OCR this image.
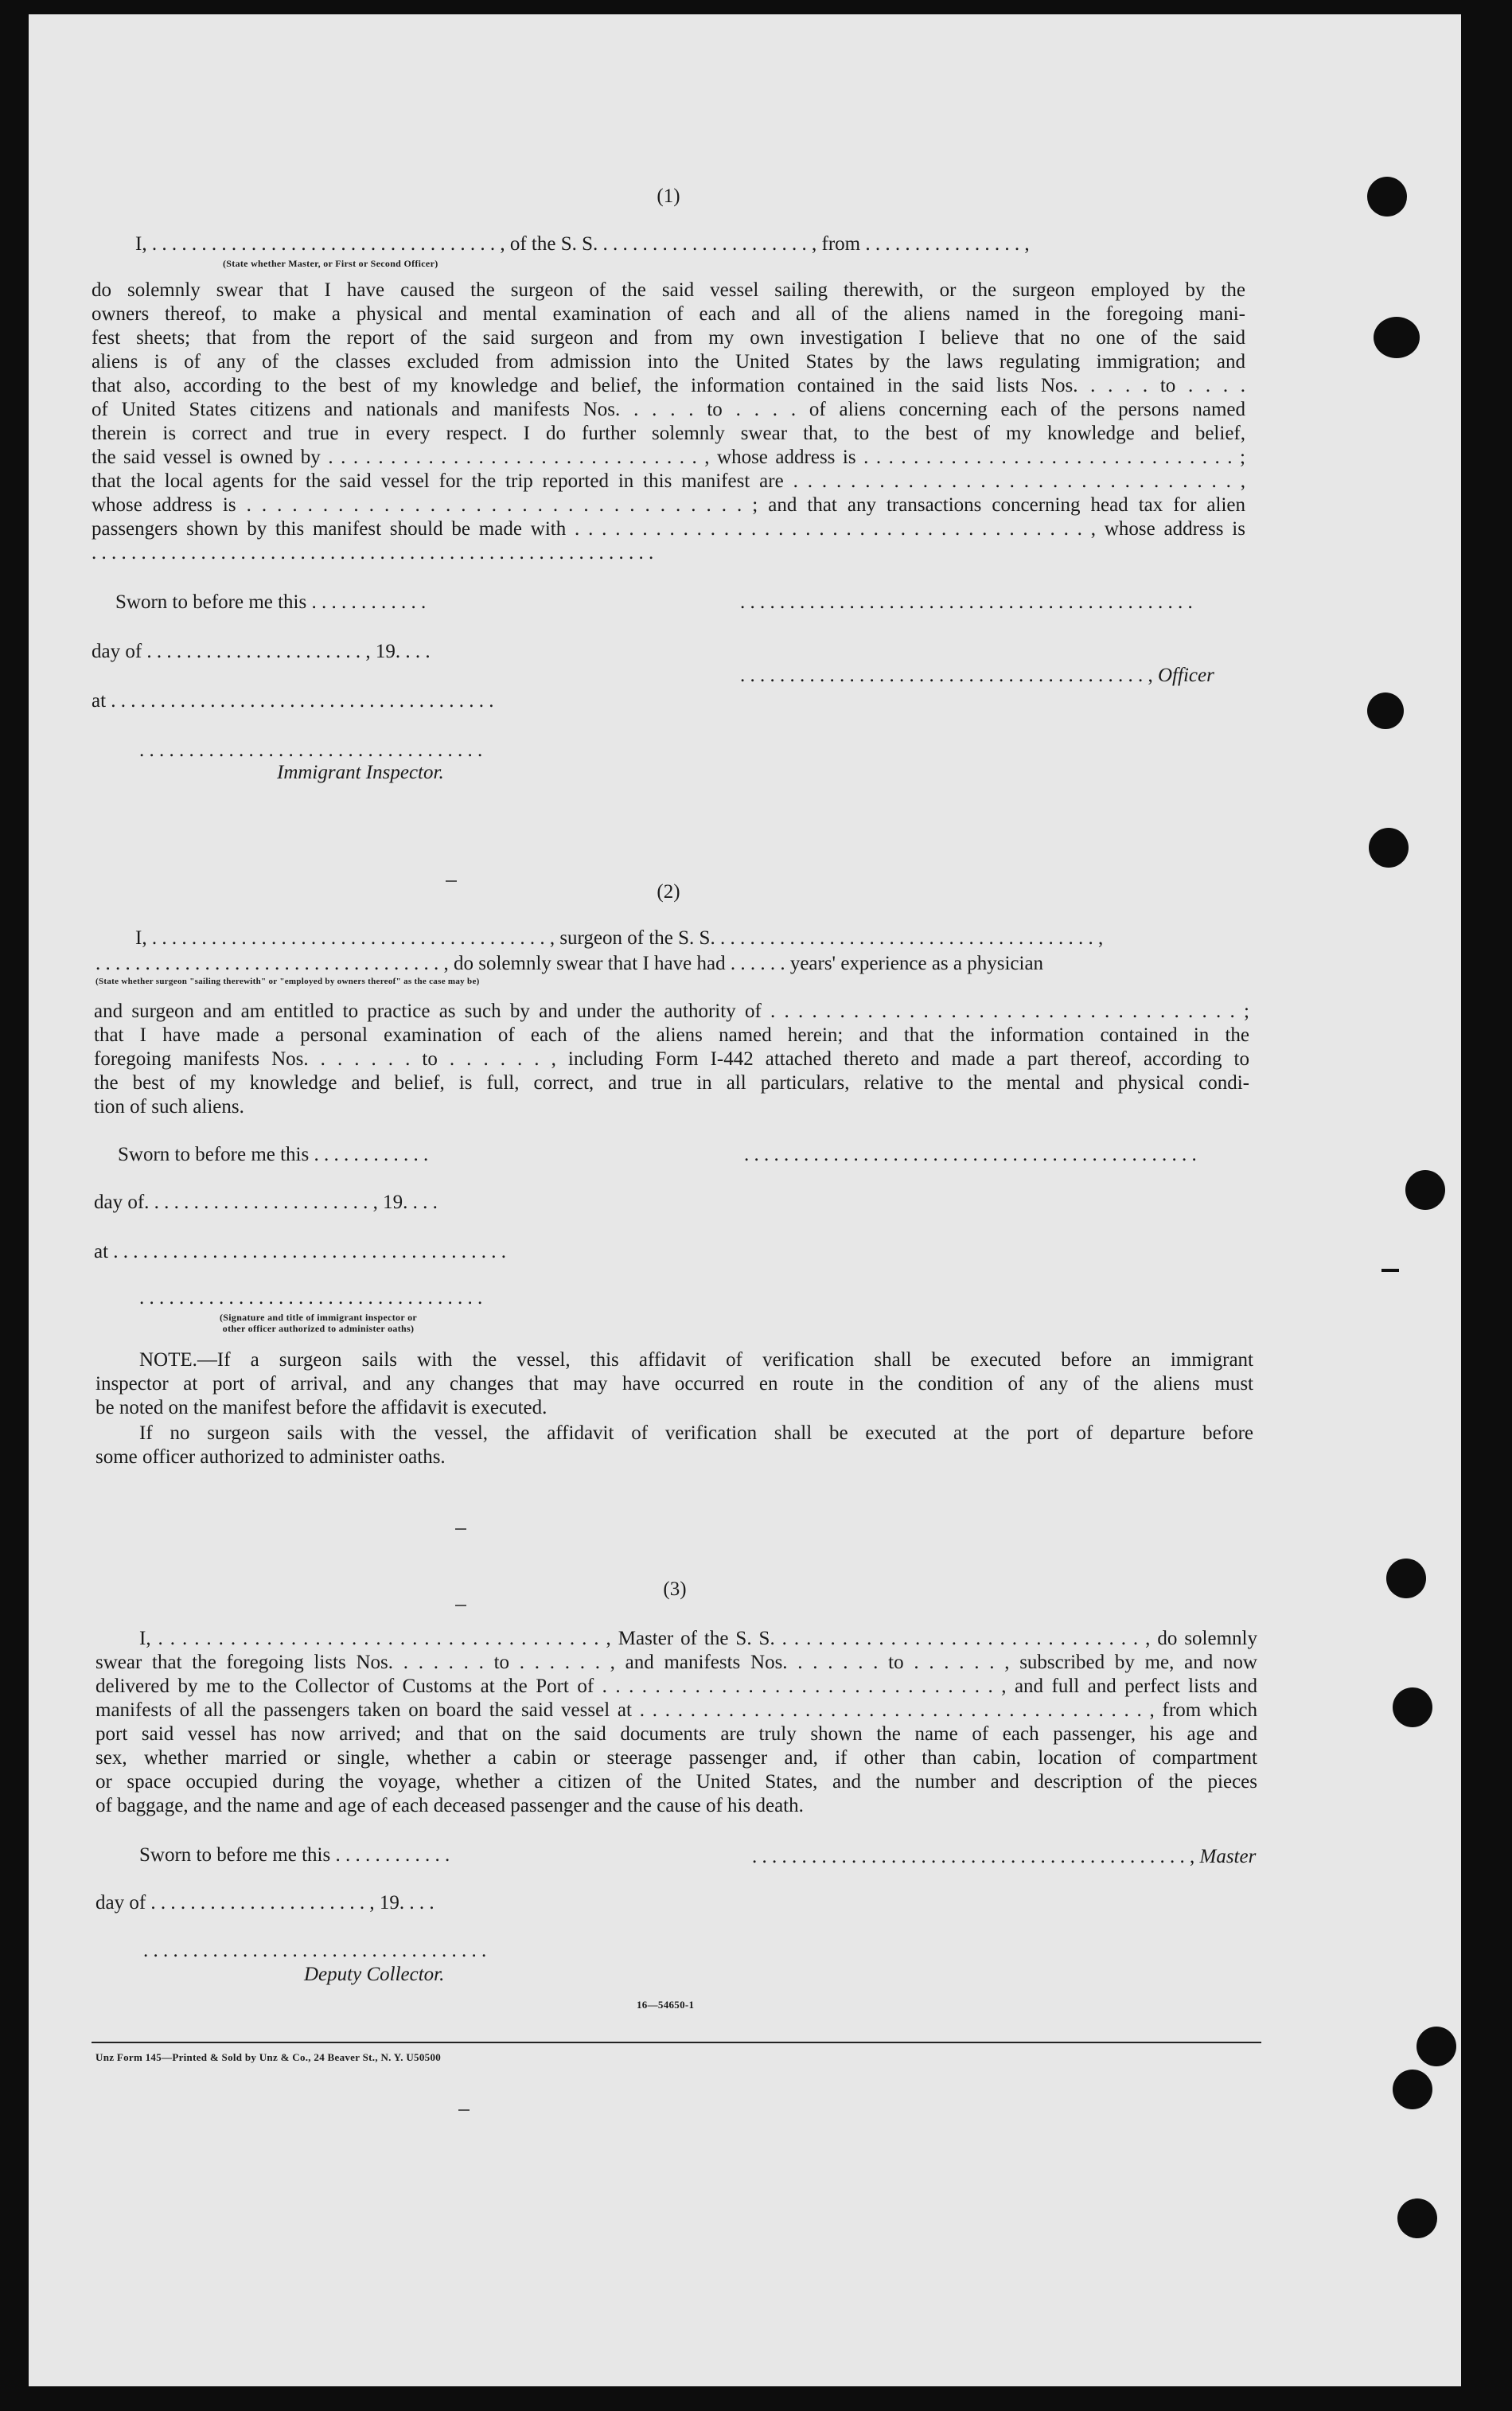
(1)
I, . . . . . . . . . . . . . . . . . . . . . . . . . . . . . . . . . . . , of the S. S. . . . . . . . . . . . . . . . . . . . . . , from . . . . . . . . . . . . . . . . ,
(State whether Master, or First or Second Officer)
do solemnly swear that I have caused the surgeon of the said vessel sailing therewith, or the surgeon employed by the
owners thereof, to make a physical and mental examination of each and all of the aliens named in the foregoing mani-
fest sheets; that from the report of the said surgeon and from my own investigation I believe that no one of the said
aliens is of any of the classes excluded from admission into the United States by the laws regulating immigration; and
that also, according to the best of my knowledge and belief, the information contained in the said lists Nos. . . . . to . . . .
of United States citizens and nationals and manifests Nos. . . . . to . . . . of aliens concerning each of the persons named
therein is correct and true in every respect. I do further solemnly swear that, to the best of my knowledge and belief,
the said vessel is owned by . . . . . . . . . . . . . . . . . . . . . . . . . . . . . . , whose address is . . . . . . . . . . . . . . . . . . . . . . . . . . . . . . ;
that the local agents for the said vessel for the trip reported in this manifest are . . . . . . . . . . . . . . . . . . . . . . . . . . . . . . . ,
whose address is . . . . . . . . . . . . . . . . . . . . . . . . . . . . . . . . . ; and that any transactions concerning head tax for alien
passengers shown by this manifest should be made with . . . . . . . . . . . . . . . . . . . . . . . . . . . . . . . . . . . . . . , whose address is
. . . . . . . . . . . . . . . . . . . . . . . . . . . . . . . . . . . . . . . . . . . . . . . . . . . . . . . . .
Sworn to before me this . . . . . . . . . . . .	. . . . . . . . . . . . . . . . . . . . . . . . . . . . . . . . . . . . . . . . . . . . . .
day of . . . . . . . . . . . . . . . . . . . . . . , 19. . . .
. . . . . . . . . . . . . . . . . . . . . . . . . . . . . . . . . . . . . . . . . , Officer
at . . . . . . . . . . . . . . . . . . . . . . . . . . . . . . . . . . . . . . .
. . . . . . . . . . . . . . . . . . . . . . . . . . . . . . . . . . .
Immigrant Inspector.
(2)
I, . . . . . . . . . . . . . . . . . . . . . . . . . . . . . . . . . . . . . . . . , surgeon of the S. S. . . . . . . . . . . . . . . . . . . . . . . . . . . . . . . . . . . . . . . ,
. . . . . . . . . . . . . . . . . . . . . . . . . . . . . . . . . . . , do solemnly swear that I have had . . . . . . years' experience as a physician
(State whether surgeon "sailing therewith" or "employed by owners thereof" as the case may be)
and surgeon and am entitled to practice as such by and under the authority of . . . . . . . . . . . . . . . . . . . . . . . . . . . . . . . . . . ;
that I have made a personal examination of each of the aliens named herein; and that the information contained in the
foregoing manifests Nos. . . . . . . to . . . . . . , including Form I-442 attached thereto and made a part thereof, according to
the best of my knowledge and belief, is full, correct, and true in all particulars, relative to the mental and physical condi-
tion of such aliens.
Sworn to before me this . . . . . . . . . . . .	. . . . . . . . . . . . . . . . . . . . . . . . . . . . . . . . . . . . . . . . . . . . . .
day of. . . . . . . . . . . . . . . . . . . . . . . , 19. . . .
at . . . . . . . . . . . . . . . . . . . . . . . . . . . . . . . . . . . . . . . .
. . . . . . . . . . . . . . . . . . . . . . . . . . . . . . . . . . .
(Signature and title of immigrant inspector or
other officer authorized to administer oaths)
NOTE.—If a surgeon sails with the vessel, this affidavit of verification shall be executed before an immigrant
inspector at port of arrival, and any changes that may have occurred en route in the condition of any of the aliens must
be noted on the manifest before the affidavit is executed.
If no surgeon sails with the vessel, the affidavit of verification shall be executed at the port of departure before
some officer authorized to administer oaths.
(3)
I, . . . . . . . . . . . . . . . . . . . . . . . . . . . . . . . . . . . . . , Master of the S. S. . . . . . . . . . . . . . . . . . . . . . . . . . . . . . . , do solemnly
swear that the foregoing lists Nos. . . . . . . to . . . . . . , and manifests Nos. . . . . . . to . . . . . . , subscribed by me, and now
delivered by me to the Collector of Customs at the Port of . . . . . . . . . . . . . . . . . . . . . . . . . . . . . . , and full and perfect lists and
manifests of all the passengers taken on board the said vessel at . . . . . . . . . . . . . . . . . . . . . . . . . . . . . . . . . . . . . . . . , from which
port said vessel has now arrived; and that on the said documents are truly shown the name of each passenger, his age and
sex, whether married or single, whether a cabin or steerage passenger and, if other than cabin, location of compartment
or space occupied during the voyage, whether a citizen of the United States, and the number and description of the pieces
of baggage, and the name and age of each deceased passenger and the cause of his death.
Sworn to before me this . . . . . . . . . . . .	. . . . . . . . . . . . . . . . . . . . . . . . . . . . . . . . . . . . . . . . . . . . , Master
day of . . . . . . . . . . . . . . . . . . . . . . , 19. . . .
. . . . . . . . . . . . . . . . . . . . . . . . . . . . . . . . . . .
Deputy Collector.
16—54650-1
Unz Form 145—Printed & Sold by Unz & Co., 24 Beaver St., N. Y. U50500
